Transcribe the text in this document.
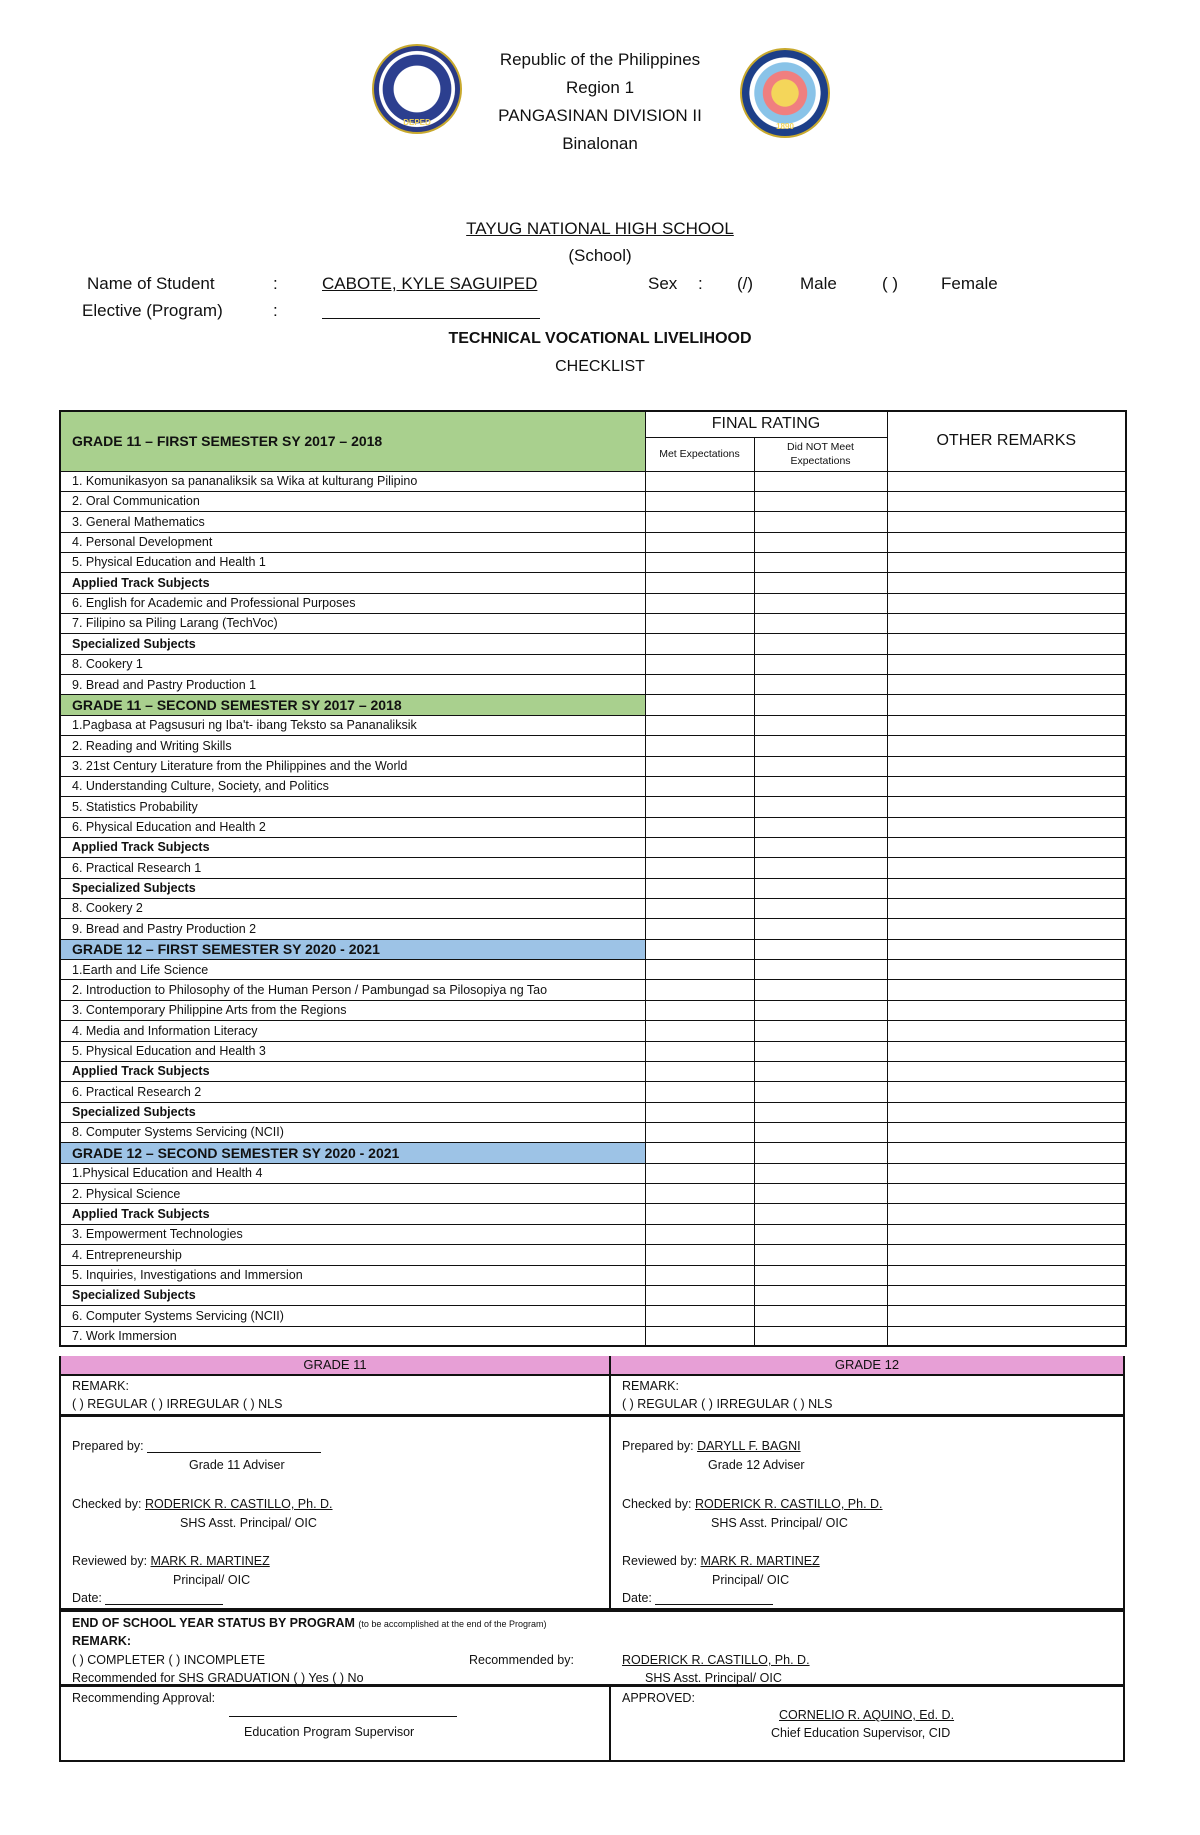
DEPED
Republic of the Philippines
Region 1
PANGASINAN DIVISION II
Binalonan
1890
TAYUG NATIONAL HIGH SCHOOL
(School)
Name of Student	:	CABOTE, KYLE SAGUIPED	Sex : (/)	Male	( )	Female
Elective (Program)	:
TECHNICAL VOCATIONAL LIVELIHOOD
CHECKLIST
GRADE 11 – FIRST SEMESTER SY 2017 – 2018	FINAL RATING		OTHER REMARKS
	Met Expectations	Did NOT Meet Expectations	
1. Komunikasyon sa pananaliksik sa Wika at kulturang Pilipino			
2. Oral Communication			
3. General Mathematics			
4. Personal Development			
5. Physical Education and Health 1			
Applied Track Subjects			
6. English for Academic and Professional Purposes			
7. Filipino sa Piling Larang (TechVoc)			
Specialized Subjects			
8. Cookery 1			
9. Bread and Pastry Production 1			
GRADE 11 – SECOND SEMESTER SY 2017 – 2018			
1.Pagbasa at Pagsusuri ng Iba't- ibang Teksto sa Pananaliksik			
2. Reading and Writing Skills			
3. 21st Century Literature from the Philippines and the World			
4. Understanding Culture, Society, and Politics			
5. Statistics Probability			
6. Physical Education and Health 2			
Applied Track Subjects			
6. Practical Research 1			
Specialized Subjects			
8. Cookery 2			
9. Bread and Pastry Production 2			
GRADE 12 – FIRST SEMESTER SY 2020 - 2021			
1.Earth and Life Science			
2. Introduction to Philosophy of the Human Person / Pambungad sa Pilosopiya ng Tao			
3. Contemporary Philippine Arts from the Regions			
4. Media and Information Literacy			
5. Physical Education and Health 3			
Applied Track Subjects			
6. Practical Research 2			
Specialized Subjects			
8. Computer Systems Servicing (NCII)			
GRADE 12 – SECOND SEMESTER SY 2020 - 2021			
1.Physical Education and Health 4			
2. Physical Science			
Applied Track Subjects			
3. Empowerment Technologies			
4. Entrepreneurship			
5. Inquiries, Investigations and Immersion			
Specialized Subjects			
6. Computer Systems Servicing (NCII)			
7. Work Immersion			
GRADE 11	GRADE 12
REMARK:
( ) REGULAR ( ) IRREGULAR ( ) NLS
REMARK:
( ) REGULAR ( ) IRREGULAR ( ) NLS
Prepared by:
Grade 11 Adviser
Checked by: RODERICK R. CASTILLO, Ph. D.
SHS Asst. Principal/ OIC
Reviewed by: MARK R. MARTINEZ
Principal/ OIC
Date:
Prepared by: DARYLL F. BAGNI
Grade 12 Adviser
Checked by: RODERICK R. CASTILLO, Ph. D.
SHS Asst. Principal/ OIC
Reviewed by: MARK R. MARTINEZ
Principal/ OIC
Date:
END OF SCHOOL YEAR STATUS BY PROGRAM (to be accomplished at the end of the Program)
REMARK:
( ) COMPLETER ( ) INCOMPLETE	Recommended by:
Recommended for SHS GRADUATION ( ) Yes ( ) No
RODERICK R. CASTILLO, Ph. D.
SHS Asst. Principal/ OIC
Recommending Approval:
Education Program Supervisor
APPROVED:
CORNELIO R. AQUINO, Ed. D.
Chief Education Supervisor, CID
